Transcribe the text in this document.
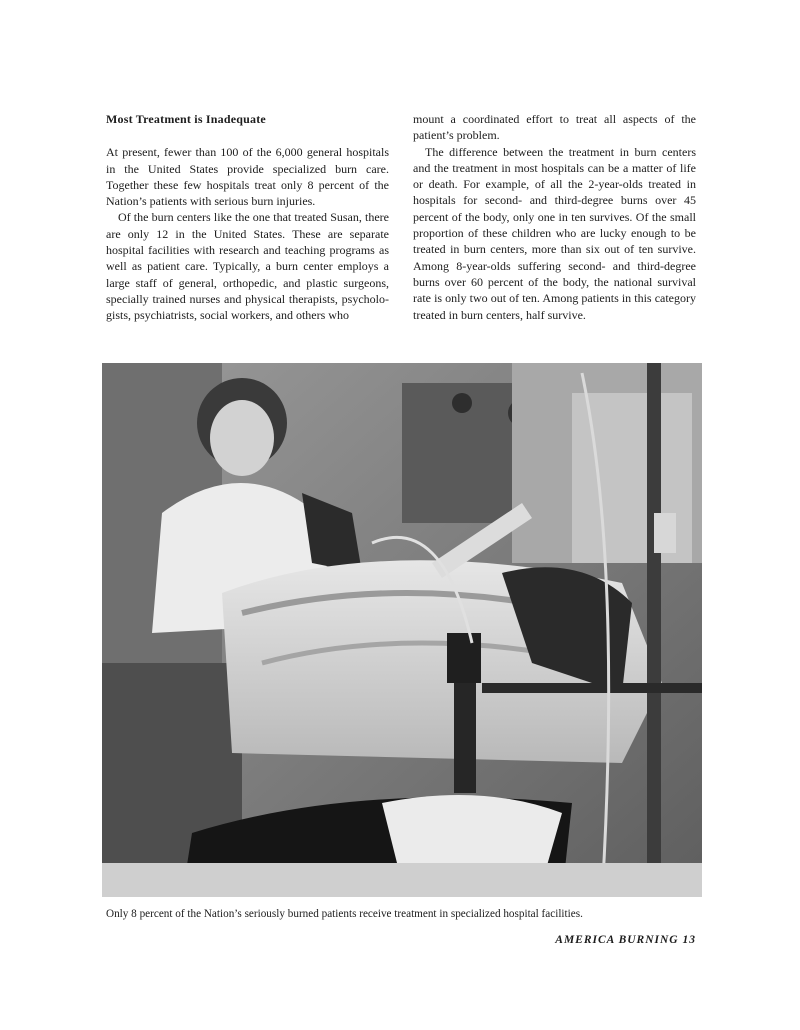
Most Treatment is Inadequate

At present, fewer than 100 of the 6,000 general hospitals in the United States provide specialized burn care. Together these few hospitals treat only 8 percent of the Nation’s patients with serious burn injuries.

Of the burn centers like the one that treated Susan, there are only 12 in the United States. These are separate hospital facilities with research and teaching programs as well as patient care. Typically, a burn center employs a large staff of general, orthopedic, and plastic surgeons, specially trained nurses and physical therapists, psycholo-gists, psychiatrists, social workers, and others who

mount a coordinated effort to treat all aspects of the patient’s problem.

The difference between the treatment in burn centers and the treatment in most hospitals can be a matter of life or death. For example, of all the 2-year-olds treated in hospitals for second- and third-degree burns over 45 percent of the body, only one in ten survives. Of the small proportion of these children who are lucky enough to be treated in burn centers, more than six out of ten survive. Among 8-year-olds suffering second- and third-degree burns over 60 percent of the body, the national survival rate is only two out of ten. Among patients in this category treated in burn centers, half survive.

Only 8 percent of the Nation’s seriously burned patients receive treatment in specialized hospital facilities.
AMERICA BURNING 13
